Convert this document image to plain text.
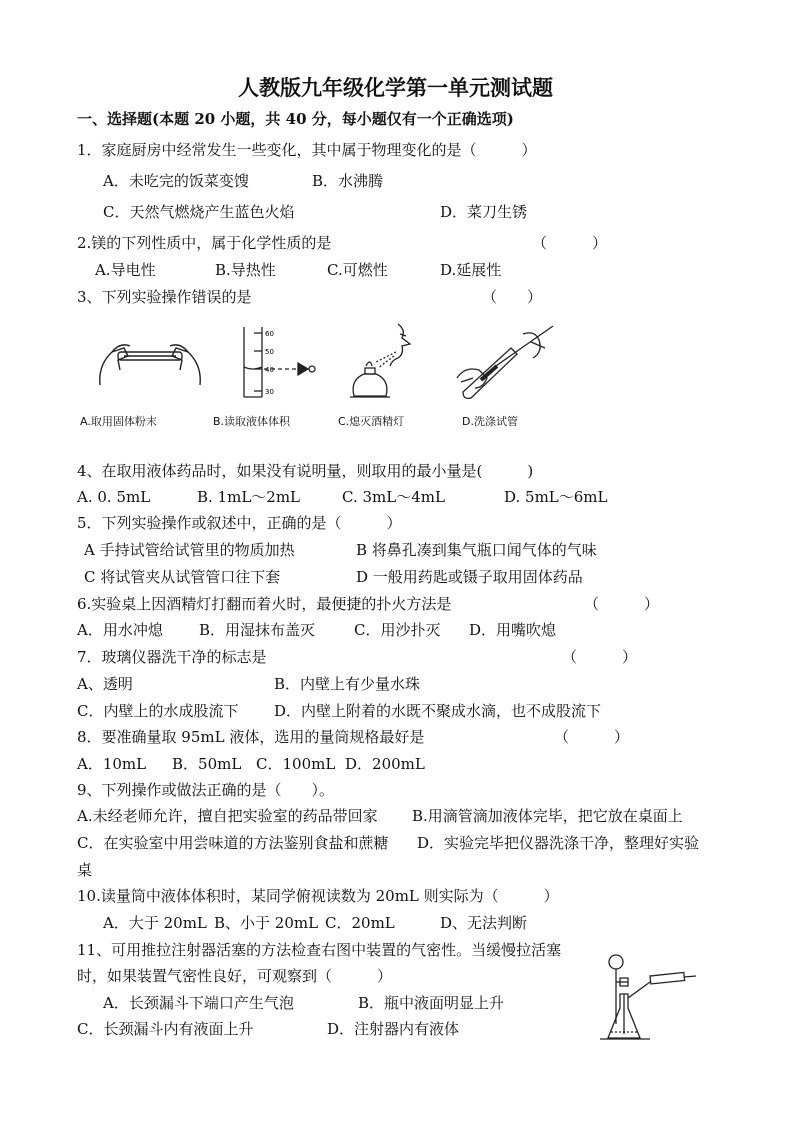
人教版九年级化学第一单元测试题
一、选择题(本题 20 小题，共 40 分，每小题仅有一个正确选项)
1．家庭厨房中经常发生一些变化，其中属于物理变化的是（　　　）
A．未吃完的饭菜变馊	B．水沸腾
C．天然气燃烧产生蓝色火焰	D．菜刀生锈
2.镁的下列性质中，属于化学性质的是	（　　　）
A.导电性	B.导热性	C.可燃性	D.延展性
3、下列实验操作错误的是	（　　）
A.取用固体粉末
60
50
40
30
B.读取液体体积	C.熄灭酒精灯	D.洗涤试管
4、在取用液体药品时，如果没有说明量，则取用的最小量是(　　　)
A. 0. 5mL	B. 1mL～2mL	C. 3mL～4mL	D. 5mL～6mL
5．下列实验操作或叙述中，正确的是（　　　）
A 手持试管给试管里的物质加热	B 将鼻孔凑到集气瓶口闻气体的气味
C 将试管夹从试管管口往下套	D 一般用药匙或镊子取用固体药品
6.实验桌上因酒精灯打翻而着火时，最便捷的扑火方法是	（　　　）
A．用水冲熄 B．用湿抹布盖灭	C．用沙扑灭 D．用嘴吹熄
7．玻璃仪器洗干净的标志是	（　　　）
A、透明	B．内壁上有少量水珠
C．内壁上的水成股流下 D．内壁上附着的水既不聚成水滴，也不成股流下
8．要准确量取 95mL 液体，选用的量筒规格最好是	（　　　）
A．10mL B．50mL C．100mL D．200mL
9、下列操作或做法正确的是（　　）。
A.未经老师允许，擅自把实验室的药品带回家 B.用滴管滴加液体完毕，把它放在桌面上
C．在实验室中用尝味道的方法鉴别食盐和蔗糖 D．实验完毕把仪器洗涤干净，整理好实验
桌
10.读量筒中液体体积时，某同学俯视读数为 20mL 则实际为（　　　）
A．大于 20mL B、小于 20mL C．20mL	D、无法判断
11、可用推拉注射器活塞的方法检查右图中装置的气密性。当缓慢拉活塞
时，如果装置气密性良好，可观察到（　　　）
A．长颈漏斗下端口产生气泡	B．瓶中液面明显上升
C．长颈漏斗内有液面上升	D．注射器内有液体
